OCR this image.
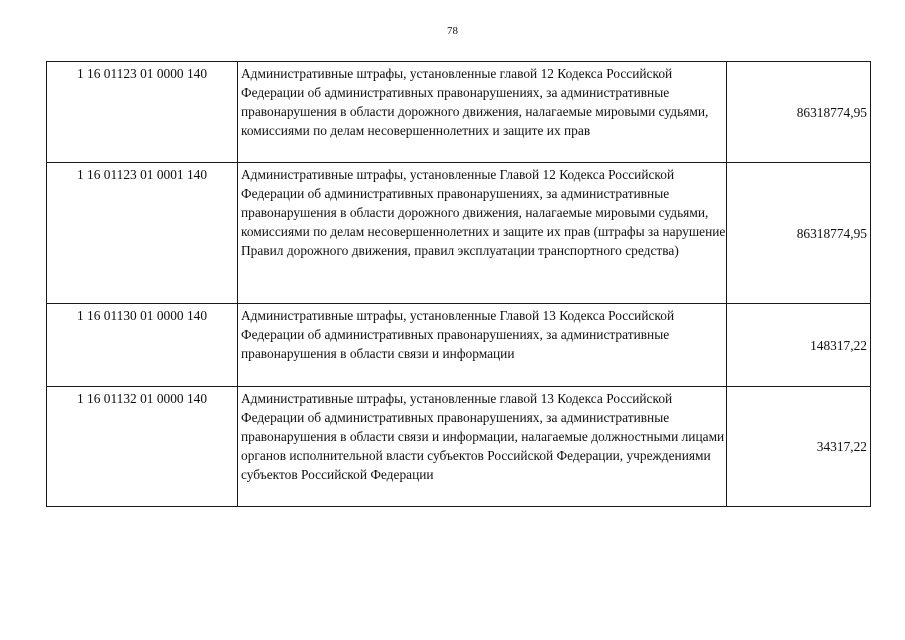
78
1 16 01123 01 0000 140	Административные штрафы, установленные главой 12 Кодекса Российской Федерации об административных правонарушениях, за административные правонарушения в области дорожного движения, налагаемые мировыми судьями, комиссиями по делам несовершеннолетних и защите их прав	86318774,95
1 16 01123 01 0001 140	Административные штрафы, установленные Главой 12 Кодекса Российской Федерации об административных правонарушениях, за административные правонарушения в области дорожного движения, налагаемые мировыми судьями, комиссиями по делам несовершеннолетних и защите их прав (штрафы за нарушение Правил дорожного движения, правил эксплуатации транспортного средства)	86318774,95
1 16 01130 01 0000 140	Административные штрафы, установленные Главой 13 Кодекса Российской Федерации об административных правонарушениях, за административные правонарушения в области связи и информации	148317,22
1 16 01132 01 0000 140	Административные штрафы, установленные главой 13 Кодекса Российской Федерации об административных правонарушениях, за административные правонарушения в области связи и информации, налагаемые должностными лицами органов исполнительной власти субъектов Российской Федерации, учреждениями субъектов Российской Федерации	34317,22
